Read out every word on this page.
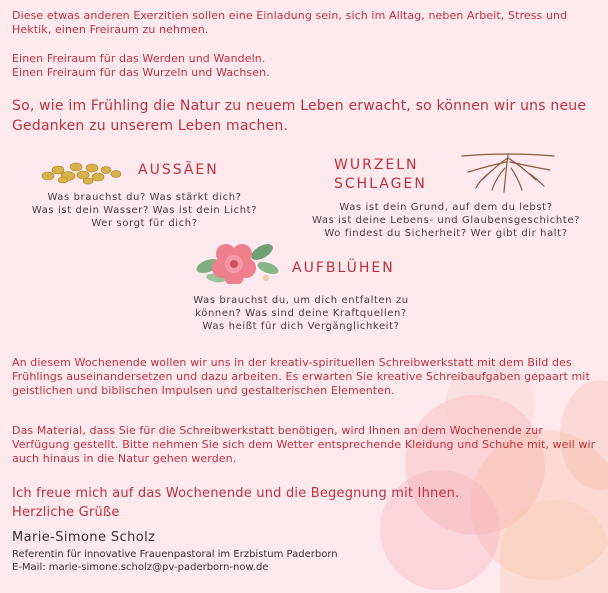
Diese etwas anderen Exerzitien sollen eine Einladung sein, sich im Alltag, neben Arbeit, Stress und Hektik, einen Freiraum zu nehmen.

Einen Freiraum für das Werden und Wandeln.

Einen Freiraum für das Wurzeln und Wachsen.

So, wie im Frühling die Natur zu neuem Leben erwacht, so können wir uns neue Gedanken zu unserem Leben machen.

AUSSÄEN

Was brauchst du? Was stärkt dich?
Was ist dein Wasser? Was ist dein Licht?
Wer sorgt für dich?

WURZELN

SCHLAGEN

Was ist dein Grund, auf dem du lebst?
Was ist deine Lebens- und Glaubensgeschichte?
Wo findest du Sicherheit? Wer gibt dir halt?

AUFBLÜHEN

Was brauchst du, um dich entfalten zu
können? Was sind deine Kraftquellen?
Was heißt für dich Vergänglichkeit?

An diesem Wochenende wollen wir uns in der kreativ-spirituellen Schreibwerkstatt mit dem Bild des Frühlings auseinandersetzen und dazu arbeiten. Es erwarten Sie kreative Schreibaufgaben gepaart mit geistlichen und biblischen Impulsen und gestalterischen Elementen.

Das Material, dass Sie für die Schreibwerkstatt benötigen, wird Ihnen an dem Wochenende zur Verfügung gestellt. Bitte nehmen Sie sich dem Wetter entsprechende Kleidung und Schuhe mit, weil wir auch hinaus in die Natur gehen werden.

Ich freue mich auf das Wochenende und die Begegnung mit Ihnen.

Herzliche Grüße

Marie-Simone Scholz

Referentin für innovative Frauenpastoral im Erzbistum Paderborn

E-Mail: marie-simone.scholz@pv-paderborn-now.de
